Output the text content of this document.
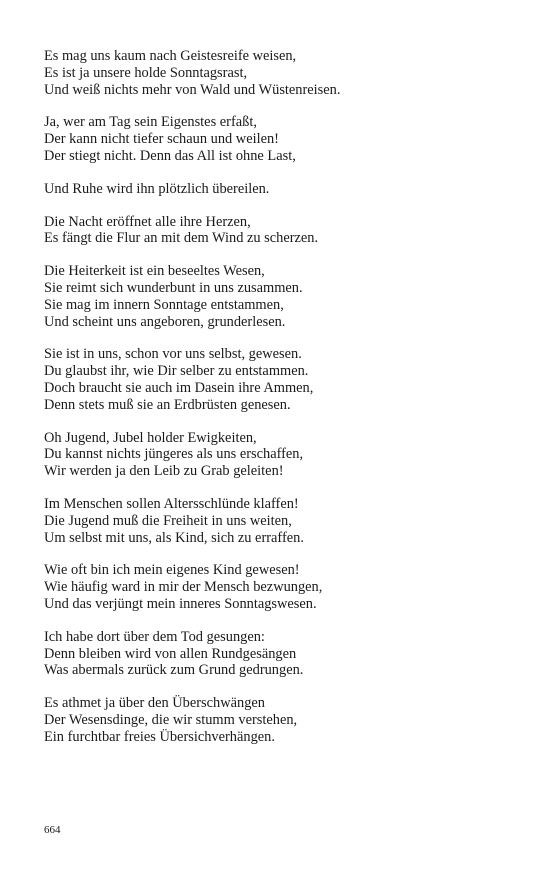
Es mag uns kaum nach Geistesreife weisen,
Es ist ja unsere holde Sonntagsrast,
Und weiß nichts mehr von Wald und Wüstenreisen.
Ja, wer am Tag sein Eigenstes erfaßt,
Der kann nicht tiefer schaun und weilen!
Der stiegt nicht. Denn das All ist ohne Last,
Und Ruhe wird ihn plötzlich übereilen.
Die Nacht eröffnet alle ihre Herzen,
Es fängt die Flur an mit dem Wind zu scherzen.
Die Heiterkeit ist ein beseeltes Wesen,
Sie reimt sich wunderbunt in uns zusammen.
Sie mag im innern Sonntage entstammen,
Und scheint uns angeboren, grunderlesen.
Sie ist in uns, schon vor uns selbst, gewesen.
Du glaubst ihr, wie Dir selber zu entstammen.
Doch braucht sie auch im Dasein ihre Ammen,
Denn stets muß sie an Erdbrüsten genesen.
Oh Jugend, Jubel holder Ewigkeiten,
Du kannst nichts jüngeres als uns erschaffen,
Wir werden ja den Leib zu Grab geleiten!
Im Menschen sollen Altersschlünde klaffen!
Die Jugend muß die Freiheit in uns weiten,
Um selbst mit uns, als Kind, sich zu erraffen.
Wie oft bin ich mein eigenes Kind gewesen!
Wie häufig ward in mir der Mensch bezwungen,
Und das verjüngt mein inneres Sonntagswesen.
Ich habe dort über dem Tod gesungen:
Denn bleiben wird von allen Rundgesängen
Was abermals zurück zum Grund gedrungen.
Es athmet ja über den Überschwängen
Der Wesensdinge, die wir stumm verstehen,
Ein furchtbar freies Übersichverhängen.
664
